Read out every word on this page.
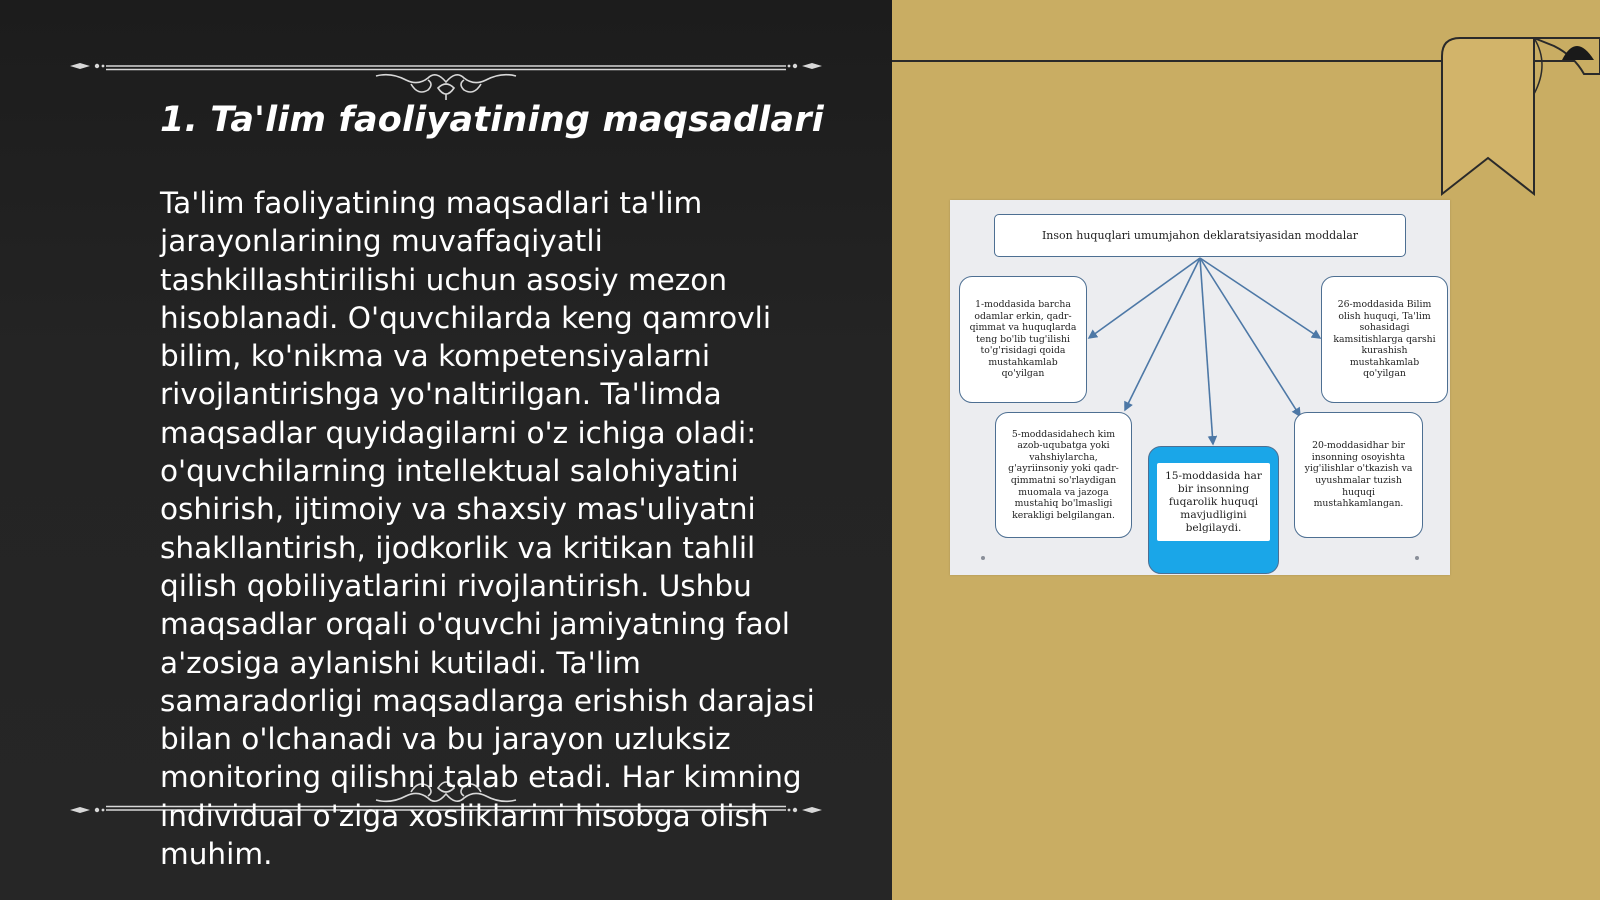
1. Ta'lim faoliyatining maqsadlari

Ta'lim faoliyatining maqsadlari ta'lim jarayonlarining muvaffaqiyatli tashkillashtirilishi uchun asosiy mezon hisoblanadi. O'quvchilarda keng qamrovli bilim, ko'nikma va kompetensiyalarni rivojlantirishga yo'naltirilgan. Ta'limda maqsadlar quyidagilarni o'z ichiga oladi: o'quvchilarning intellektual salohiyatini oshirish, ijtimoiy va shaxsiy mas'uliyatni shakllantirish, ijodkorlik va kritikan tahlil qilish qobiliyatlarini rivojlantirish. Ushbu maqsadlar orqali o'quvchi jamiyatning faol a'zosiga aylanishi kutiladi. Ta'lim samaradorligi maqsadlarga erishish darajasi bilan o'lchanadi va bu jarayon uzluksiz monitoring qilishni talab etadi. Har kimning individual o'ziga xosliklarini hisobga olish muhim.

Inson huquqlari umumjahon deklaratsiyasidan moddalar
1-moddasida barcha odamlar erkin, qadr-qimmat va huquqlarda teng bo'lib tug'ilishi to'g'risidagi qoida mustahkamlab qo'yilgan
26-moddasida Bilim olish huquqi, Ta'lim sohasidagi kamsitishlarga qarshi kurashish mustahkamlab qo'yilgan
5-moddasidahech kim azob-uqubatga yoki vahshiylarcha, g'ayriinsoniy yoki qadr-qimmatni so'rlaydigan muomala va jazoga mustahiq bo'lmasligi kerakligi belgilangan.
20-moddasidhar bir insonning osoyishta yig'ilishlar o'tkazish va uyushmalar tuzish huquqi mustahkamlangan.
15-moddasida har bir insonning fuqarolik huquqi mavjudligini belgilaydi.
